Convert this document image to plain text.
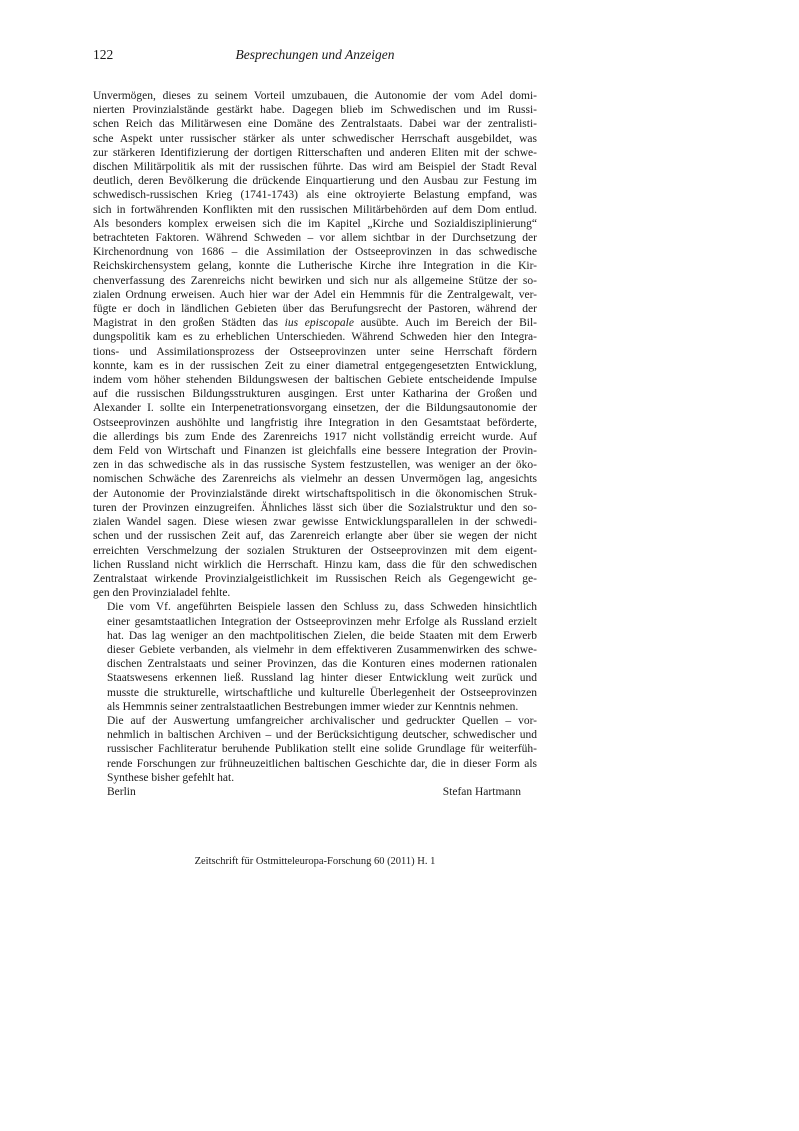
122	Besprechungen und Anzeigen
Unvermögen, dieses zu seinem Vorteil umzubauen, die Autonomie der vom Adel domi-
nierten Provinzialstände gestärkt habe. Dagegen blieb im Schwedischen und im Russi-
schen Reich das Militärwesen eine Domäne des Zentralstaats. Dabei war der zentralisti-
sche Aspekt unter russischer stärker als unter schwedischer Herrschaft ausgebildet, was
zur stärkeren Identifizierung der dortigen Ritterschaften und anderen Eliten mit der schwe-
dischen Militärpolitik als mit der russischen führte. Das wird am Beispiel der Stadt Reval
deutlich, deren Bevölkerung die drückende Einquartierung und den Ausbau zur Festung im
schwedisch-russischen Krieg (1741-1743) als eine oktroyierte Belastung empfand, was
sich in fortwährenden Konflikten mit den russischen Militärbehörden auf dem Dom entlud.
Als besonders komplex erweisen sich die im Kapitel „Kirche und Sozialdisziplinierung“
betrachteten Faktoren. Während Schweden – vor allem sichtbar in der Durchsetzung der
Kirchenordnung von 1686 – die Assimilation der Ostseeprovinzen in das schwedische
Reichskirchensystem gelang, konnte die Lutherische Kirche ihre Integration in die Kir-
chenverfassung des Zarenreichs nicht bewirken und sich nur als allgemeine Stütze der so-
zialen Ordnung erweisen. Auch hier war der Adel ein Hemmnis für die Zentralgewalt, ver-
fügte er doch in ländlichen Gebieten über das Berufungsrecht der Pastoren, während der
Magistrat in den großen Städten das ius episcopale ausübte. Auch im Bereich der Bil-
dungspolitik kam es zu erheblichen Unterschieden. Während Schweden hier den Integra-
tions- und Assimilationsprozess der Ostseeprovinzen unter seine Herrschaft fördern
konnte, kam es in der russischen Zeit zu einer diametral entgegengesetzten Entwicklung,
indem vom höher stehenden Bildungswesen der baltischen Gebiete entscheidende Impulse
auf die russischen Bildungsstrukturen ausgingen. Erst unter Katharina der Großen und
Alexander I. sollte ein Interpenetrationsvorgang einsetzen, der die Bildungsautonomie der
Ostseeprovinzen aushöhlte und langfristig ihre Integration in den Gesamtstaat beförderte,
die allerdings bis zum Ende des Zarenreichs 1917 nicht vollständig erreicht wurde. Auf
dem Feld von Wirtschaft und Finanzen ist gleichfalls eine bessere Integration der Provin-
zen in das schwedische als in das russische System festzustellen, was weniger an der öko-
nomischen Schwäche des Zarenreichs als vielmehr an dessen Unvermögen lag, angesichts
der Autonomie der Provinzialstände direkt wirtschaftspolitisch in die ökonomischen Struk-
turen der Provinzen einzugreifen. Ähnliches lässt sich über die Sozialstruktur und den so-
zialen Wandel sagen. Diese wiesen zwar gewisse Entwicklungsparallelen in der schwedi-
schen und der russischen Zeit auf, das Zarenreich erlangte aber über sie wegen der nicht
erreichten Verschmelzung der sozialen Strukturen der Ostseeprovinzen mit dem eigent-
lichen Russland nicht wirklich die Herrschaft. Hinzu kam, dass die für den schwedischen
Zentralstaat wirkende Provinzialgeistlichkeit im Russischen Reich als Gegengewicht ge-
gen den Provinzialadel fehlte.
Die vom Vf. angeführten Beispiele lassen den Schluss zu, dass Schweden hinsichtlich
einer gesamtstaatlichen Integration der Ostseeprovinzen mehr Erfolge als Russland erzielt
hat. Das lag weniger an den machtpolitischen Zielen, die beide Staaten mit dem Erwerb
dieser Gebiete verbanden, als vielmehr in dem effektiveren Zusammenwirken des schwe-
dischen Zentralstaats und seiner Provinzen, das die Konturen eines modernen rationalen
Staatswesens erkennen ließ. Russland lag hinter dieser Entwicklung weit zurück und
musste die strukturelle, wirtschaftliche und kulturelle Überlegenheit der Ostseeprovinzen
als Hemmnis seiner zentralstaatlichen Bestrebungen immer wieder zur Kenntnis nehmen.
Die auf der Auswertung umfangreicher archivalischer und gedruckter Quellen – vor-
nehmlich in baltischen Archiven – und der Berücksichtigung deutscher, schwedischer und
russischer Fachliteratur beruhende Publikation stellt eine solide Grundlage für weiterfüh-
rende Forschungen zur frühneuzeitlichen baltischen Geschichte dar, die in dieser Form als
Synthese bisher gefehlt hat.
Berlin	Stefan Hartmann
Zeitschrift für Ostmitteleuropa-Forschung 60 (2011) H. 1
